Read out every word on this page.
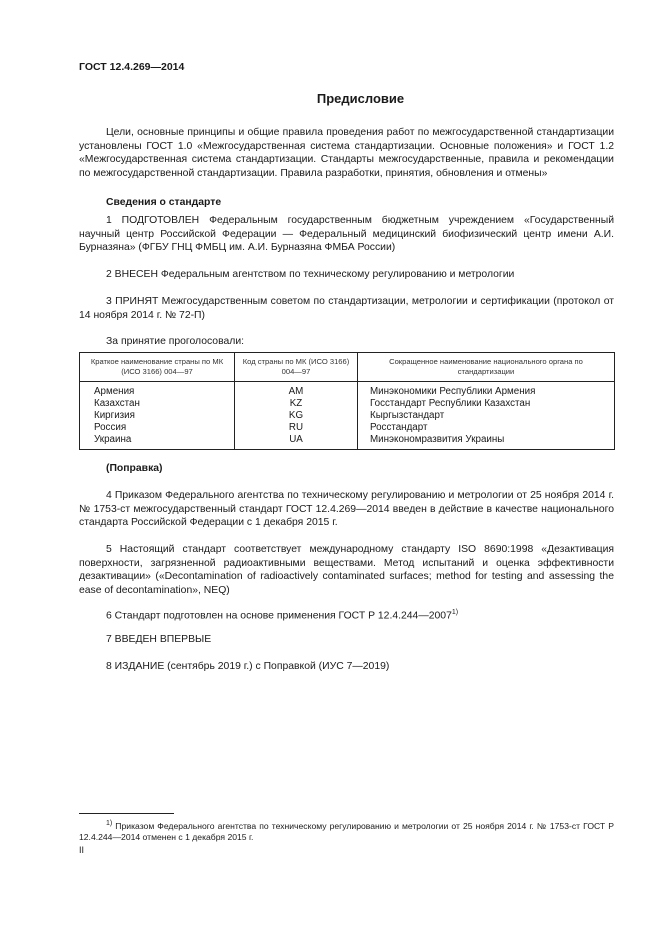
ГОСТ 12.4.269—2014
Предисловие
Цели, основные принципы и общие правила проведения работ по межгосударственной стандартизации установлены ГОСТ 1.0 «Межгосударственная система стандартизации. Основные положения» и ГОСТ 1.2 «Межгосударственная система стандартизации. Стандарты межгосударственные, правила и рекомендации по межгосударственной стандартизации. Правила разработки, принятия, обновления и отмены»
Сведения о стандарте
1 ПОДГОТОВЛЕН Федеральным государственным бюджетным учреждением «Государственный научный центр Российской Федерации — Федеральный медицинский биофизический центр имени А.И. Бурназяна» (ФГБУ ГНЦ ФМБЦ им. А.И. Бурназяна ФМБА России)
2 ВНЕСЕН Федеральным агентством по техническому регулированию и метрологии
3 ПРИНЯТ Межгосударственным советом по стандартизации, метрологии и сертификации (протокол от 14 ноября 2014 г. № 72-П)
За принятие проголосовали:
Краткое наименование страны по МК (ИСО 3166) 004—97	Код страны по МК (ИСО 3166) 004—97	Сокращенное наименование национального органа по стандартизации
Армения	AM	Минэкономики Республики Армения
Казахстан	KZ	Госстандарт Республики Казахстан
Киргизия	KG	Кыргызстандарт
Россия	RU	Росстандарт
Украина	UA	Минэкономразвития Украины
(Поправка)
4 Приказом Федерального агентства по техническому регулированию и метрологии от 25 ноября 2014 г. № 1753-ст межгосударственный стандарт ГОСТ 12.4.269—2014 введен в действие в качестве национального стандарта Российской Федерации с 1 декабря 2015 г.
5 Настоящий стандарт соответствует международному стандарту ISO 8690:1998 «Дезактивация поверхности, загрязненной радиоактивными веществами. Метод испытаний и оценка эффективности дезактивации» («Decontamination of radioactively contaminated surfaces; method for testing and assessing the ease of decontamination», NEQ)
6 Стандарт подготовлен на основе применения ГОСТ Р 12.4.244—2007$^{1)}$
7 ВВЕДЕН ВПЕРВЫЕ
8 ИЗДАНИЕ (сентябрь 2019 г.) с Поправкой (ИУС 7—2019)
$^{1)}$ Приказом Федерального агентства по техническому регулированию и метрологии от 25 ноября 2014 г. № 1753-ст ГОСТ Р 12.4.244—2014 отменен с 1 декабря 2015 г.
II
